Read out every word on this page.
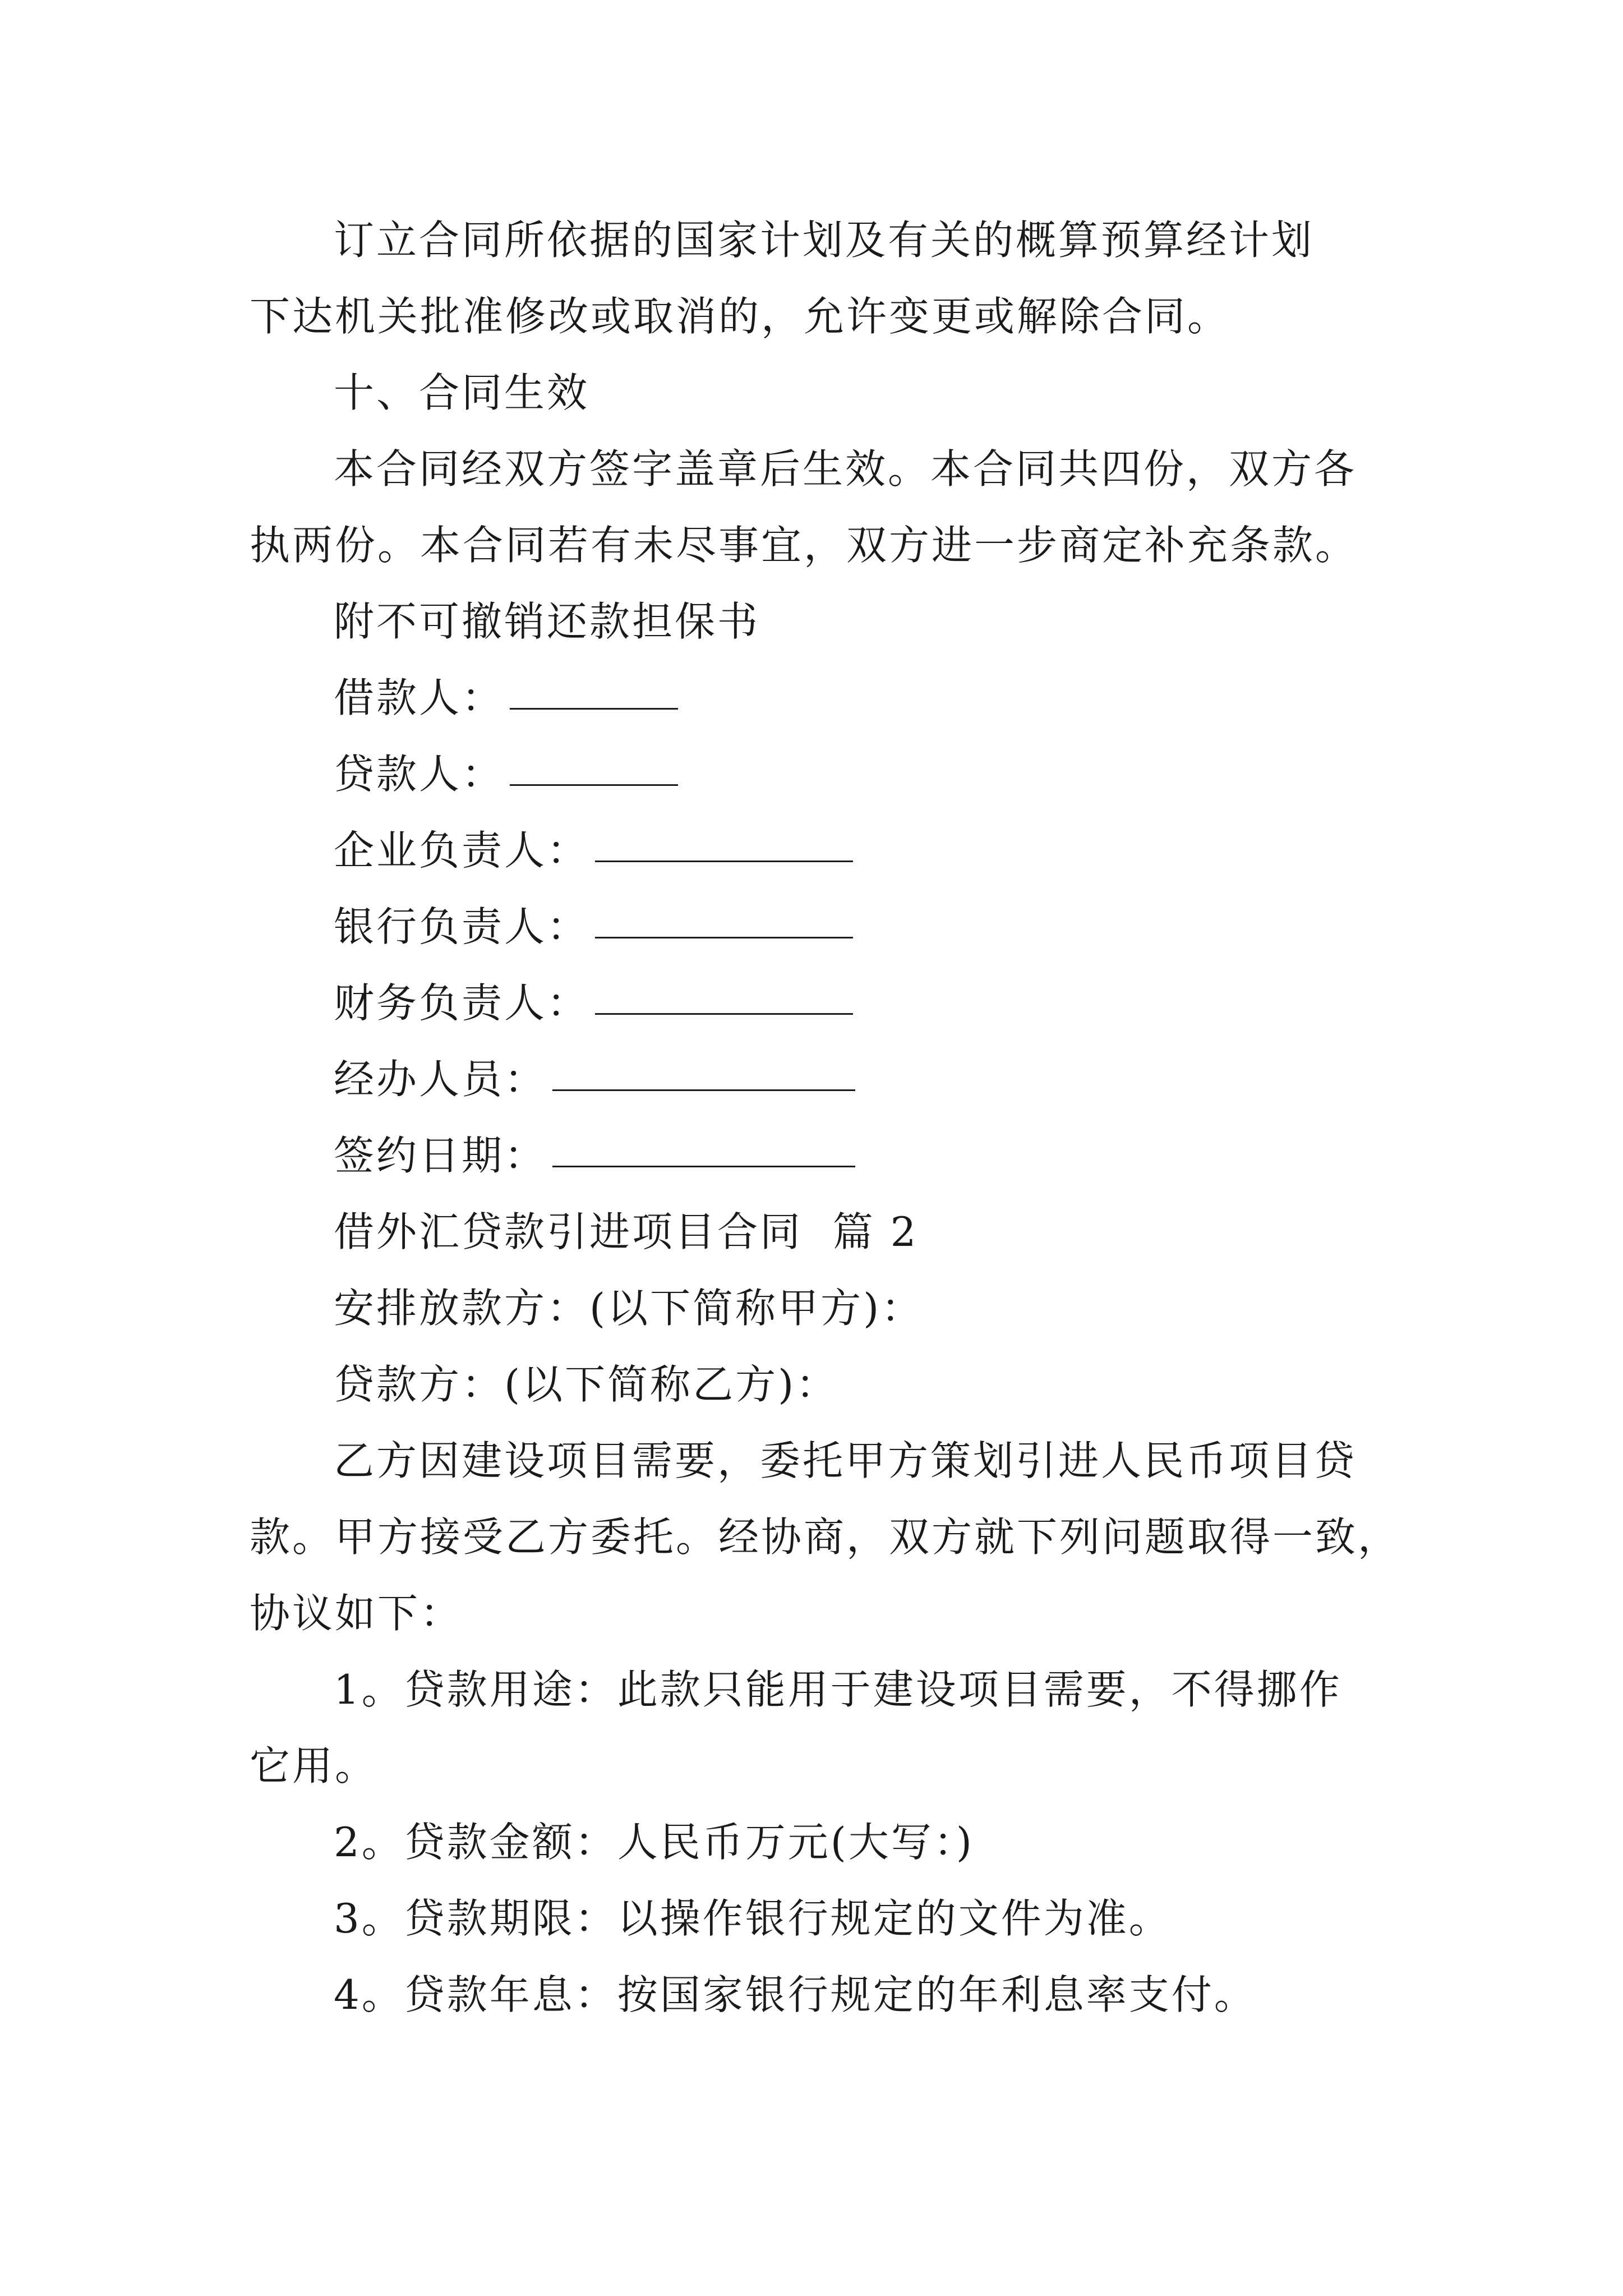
订立合同所依据的国家计划及有关的概算预算经计划
下达机关批准修改或取消的，允许变更或解除合同。
十、合同生效
本合同经双方签字盖章后生效。本合同共四份，双方各
执两份。本合同若有未尽事宜，双方进一步商定补充条款。
附不可撤销还款担保书
借款人：
贷款人：
企业负责人：
银行负责人：
财务负责人：
经办人员：
签约日期：
借外汇贷款引进项目合同  篇 2
安排放款方：(以下简称甲方)：
贷款方：(以下简称乙方)：
乙方因建设项目需要，委托甲方策划引进人民币项目贷
款。甲方接受乙方委托。经协商，双方就下列问题取得一致，
协议如下：
1。贷款用途：此款只能用于建设项目需要，不得挪作
它用。
2。贷款金额：人民币万元(大写：)
3。贷款期限：以操作银行规定的文件为准。
4。贷款年息：按国家银行规定的年利息率支付。
